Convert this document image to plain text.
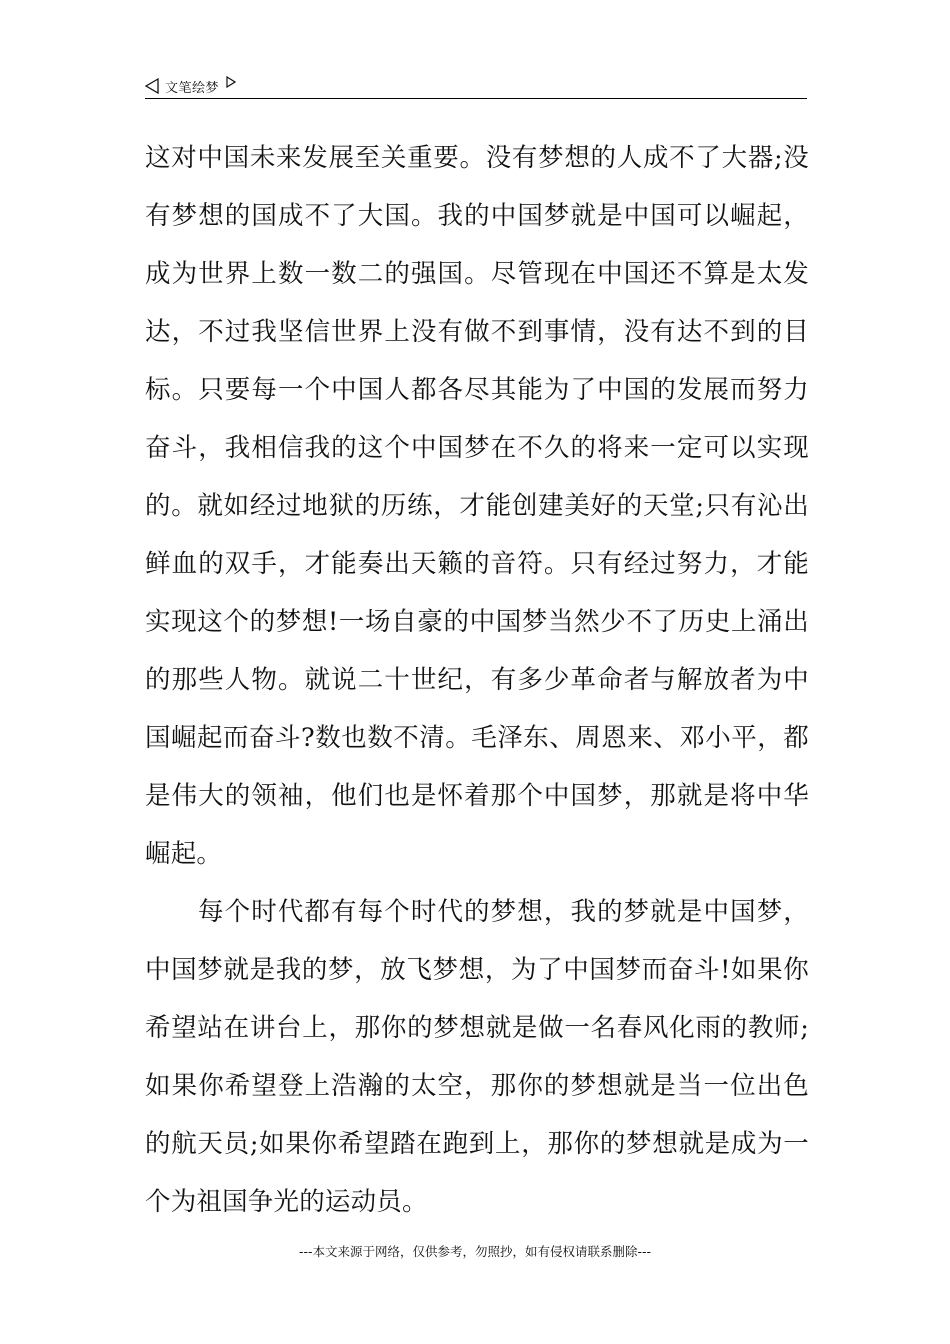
文笔绘梦

这对中国未来发展至关重要。没有梦想的人成不了大器;没有梦想的国成不了大国。我的中国梦就是中国可以崛起，成为世界上数一数二的强国。尽管现在中国还不算是太发达，不过我坚信世界上没有做不到事情，没有达不到的目标。只要每一个中国人都各尽其能为了中国的发展而努力奋斗，我相信我的这个中国梦在不久的将来一定可以实现的。就如经过地狱的历练，才能创建美好的天堂;只有沁出鲜血的双手，才能奏出天籁的音符。只有经过努力，才能实现这个的梦想!一场自豪的中国梦当然少不了历史上涌出的那些人物。就说二十世纪，有多少革命者与解放者为中国崛起而奋斗?数也数不清。毛泽东、周恩来、邓小平，都是伟大的领袖，他们也是怀着那个中国梦，那就是将中华崛起。

每个时代都有每个时代的梦想，我的梦就是中国梦，中国梦就是我的梦，放飞梦想，为了中国梦而奋斗!如果你希望站在讲台上，那你的梦想就是做一名春风化雨的教师;如果你希望登上浩瀚的太空，那你的梦想就是当一位出色的航天员;如果你希望踏在跑到上，那你的梦想就是成为一个为祖国争光的运动员。

---本文来源于网络，仅供参考，勿照抄，如有侵权请联系删除---
